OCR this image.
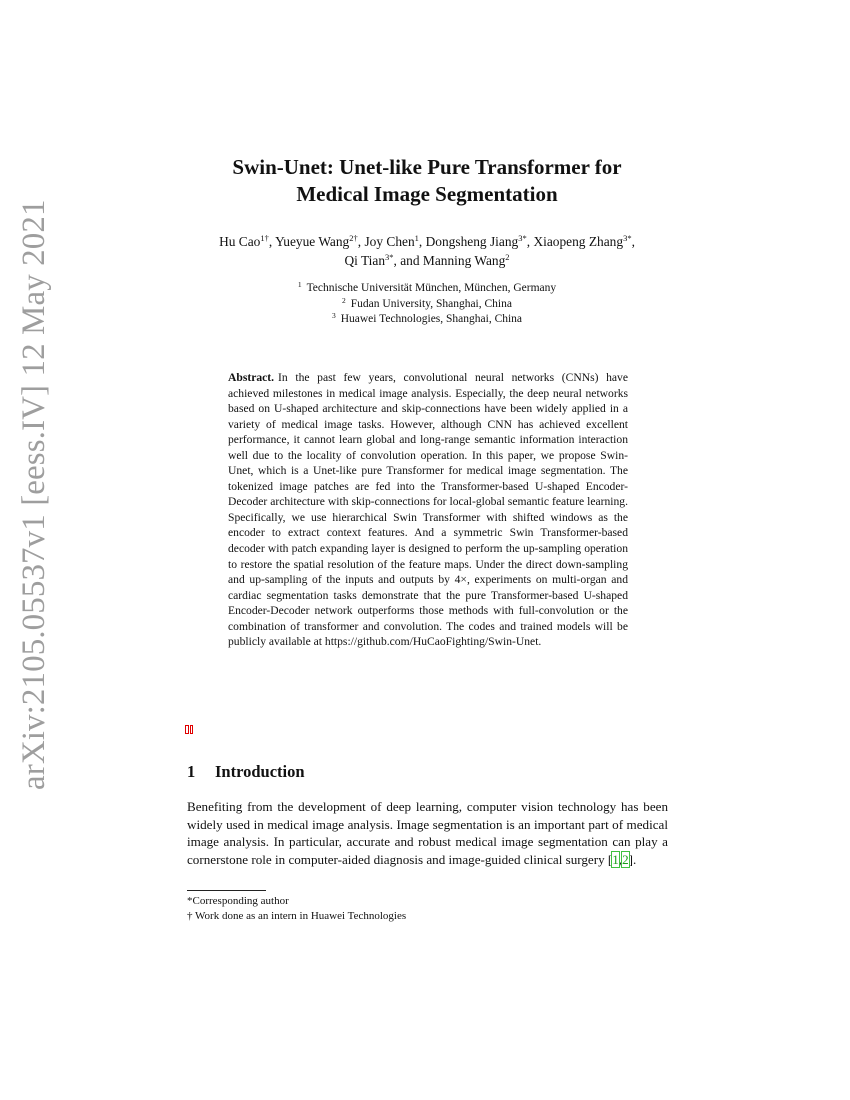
arXiv:2105.05537v1 [eess.IV] 12 May 2021
Swin-Unet: Unet-like Pure Transformer for
Medical Image Segmentation
Hu Cao$^{1\dagger}$, Yueyue Wang$^{2\dagger}$, Joy Chen$^1$, Dongsheng Jiang$^{3*}$, Xiaopeng Zhang$^{3*}$,
Qi Tian$^{3*}$, and Manning Wang$^2$
$^1$ Technische Universität München, München, Germany
$^2$ Fudan University, Shanghai, China
$^3$ Huawei Technologies, Shanghai, China
Abstract. In the past few years, convolutional neural networks (CNNs) have achieved milestones in medical image analysis. Especially, the deep neural networks based on U-shaped architecture and skip-connections have been widely applied in a variety of medical image tasks. However, although CNN has achieved excellent performance, it cannot learn global and long-range semantic information interaction well due to the locality of convolution operation. In this paper, we propose Swin-Unet, which is a Unet-like pure Transformer for medical image segmentation. The tokenized image patches are fed into the Transformer-based U-shaped Encoder-Decoder architecture with skip-connections for local-global semantic feature learning. Specifically, we use hierarchical Swin Transformer with shifted windows as the encoder to extract context features. And a symmetric Swin Transformer-based decoder with patch expanding layer is designed to perform the up-sampling operation to restore the spatial resolution of the feature maps. Under the direct down-sampling and up-sampling of the inputs and outputs by 4×, experiments on multi-organ and cardiac segmentation tasks demonstrate that the pure Transformer-based U-shaped Encoder-Decoder network outperforms those methods with full-convolution or the combination of transformer and convolution. The codes and trained models will be publicly available at https://github.com/HuCaoFighting/Swin-Unet.
1 Introduction
Benefiting from the development of deep learning, computer vision technology has been widely used in medical image analysis. Image segmentation is an important part of medical image analysis. In particular, accurate and robust medical image segmentation can play a cornerstone role in computer-aided diagnosis and image-guided clinical surgery [1,2].
*Corresponding author
† Work done as an intern in Huawei Technologies
